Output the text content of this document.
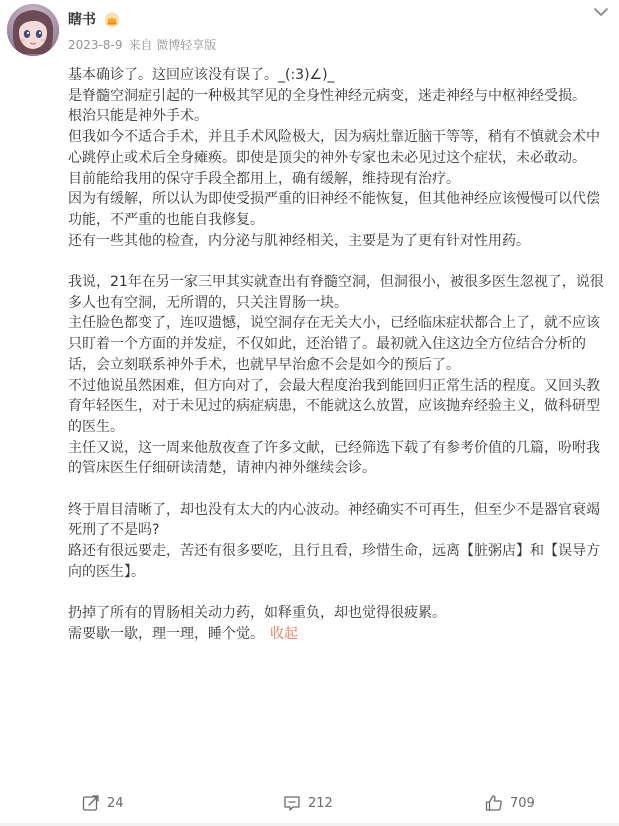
瞎书
2023-8-9 来自 微博轻享版

基本确诊了。这回应该没有误了。_(:3)∠)_

是脊髓空洞症引起的一种极其罕见的全身性神经元病变，迷走神经与中枢神经受损。

根治只能是神外手术。

但我如今不适合手术，并且手术风险极大，因为病灶靠近脑干等等，稍有不慎就会术中心跳停止或术后全身瘫痪。即使是顶尖的神外专家也未必见过这个症状，未必敢动。

目前能给我用的保守手段全都用上，确有缓解，维持现有治疗。

因为有缓解，所以认为即使受损严重的旧神经不能恢复，但其他神经应该慢慢可以代偿功能，不严重的也能自我修复。

还有一些其他的检查，内分泌与肌神经相关，主要是为了更有针对性用药。

我说，21年在另一家三甲其实就查出有脊髓空洞，但洞很小，被很多医生忽视了，说很多人也有空洞，无所谓的，只关注胃肠一块。

主任脸色都变了，连叹遗憾，说空洞存在无关大小，已经临床症状都合上了，就不应该只盯着一个方面的并发症，不仅如此，还治错了。最初就入住这边全方位结合分析的话，会立刻联系神外手术，也就早早治愈不会是如今的预后了。

不过他说虽然困难，但方向对了，会最大程度治我到能回归正常生活的程度。又回头教育年轻医生，对于未见过的病症病患，不能就这么放置，应该抛弃经验主义，做科研型的医生。

主任又说，这一周来他敖夜查了许多文献，已经筛选下载了有参考价值的几篇，吩咐我的管床医生仔细研读清楚，请神内神外继续会诊。

终于眉目清晰了，却也没有太大的内心波动。神经确实不可再生，但至少不是器官衰竭死刑了不是吗?

路还有很远要走，苦还有很多要吃，且行且看，珍惜生命，远离【脏粥店】和【误导方向的医生】。

扔掉了所有的胃肠相关动力药，如释重负，却也觉得很疲累。

需要歇一歇，理一理，睡个觉。 收起

24	212	709
